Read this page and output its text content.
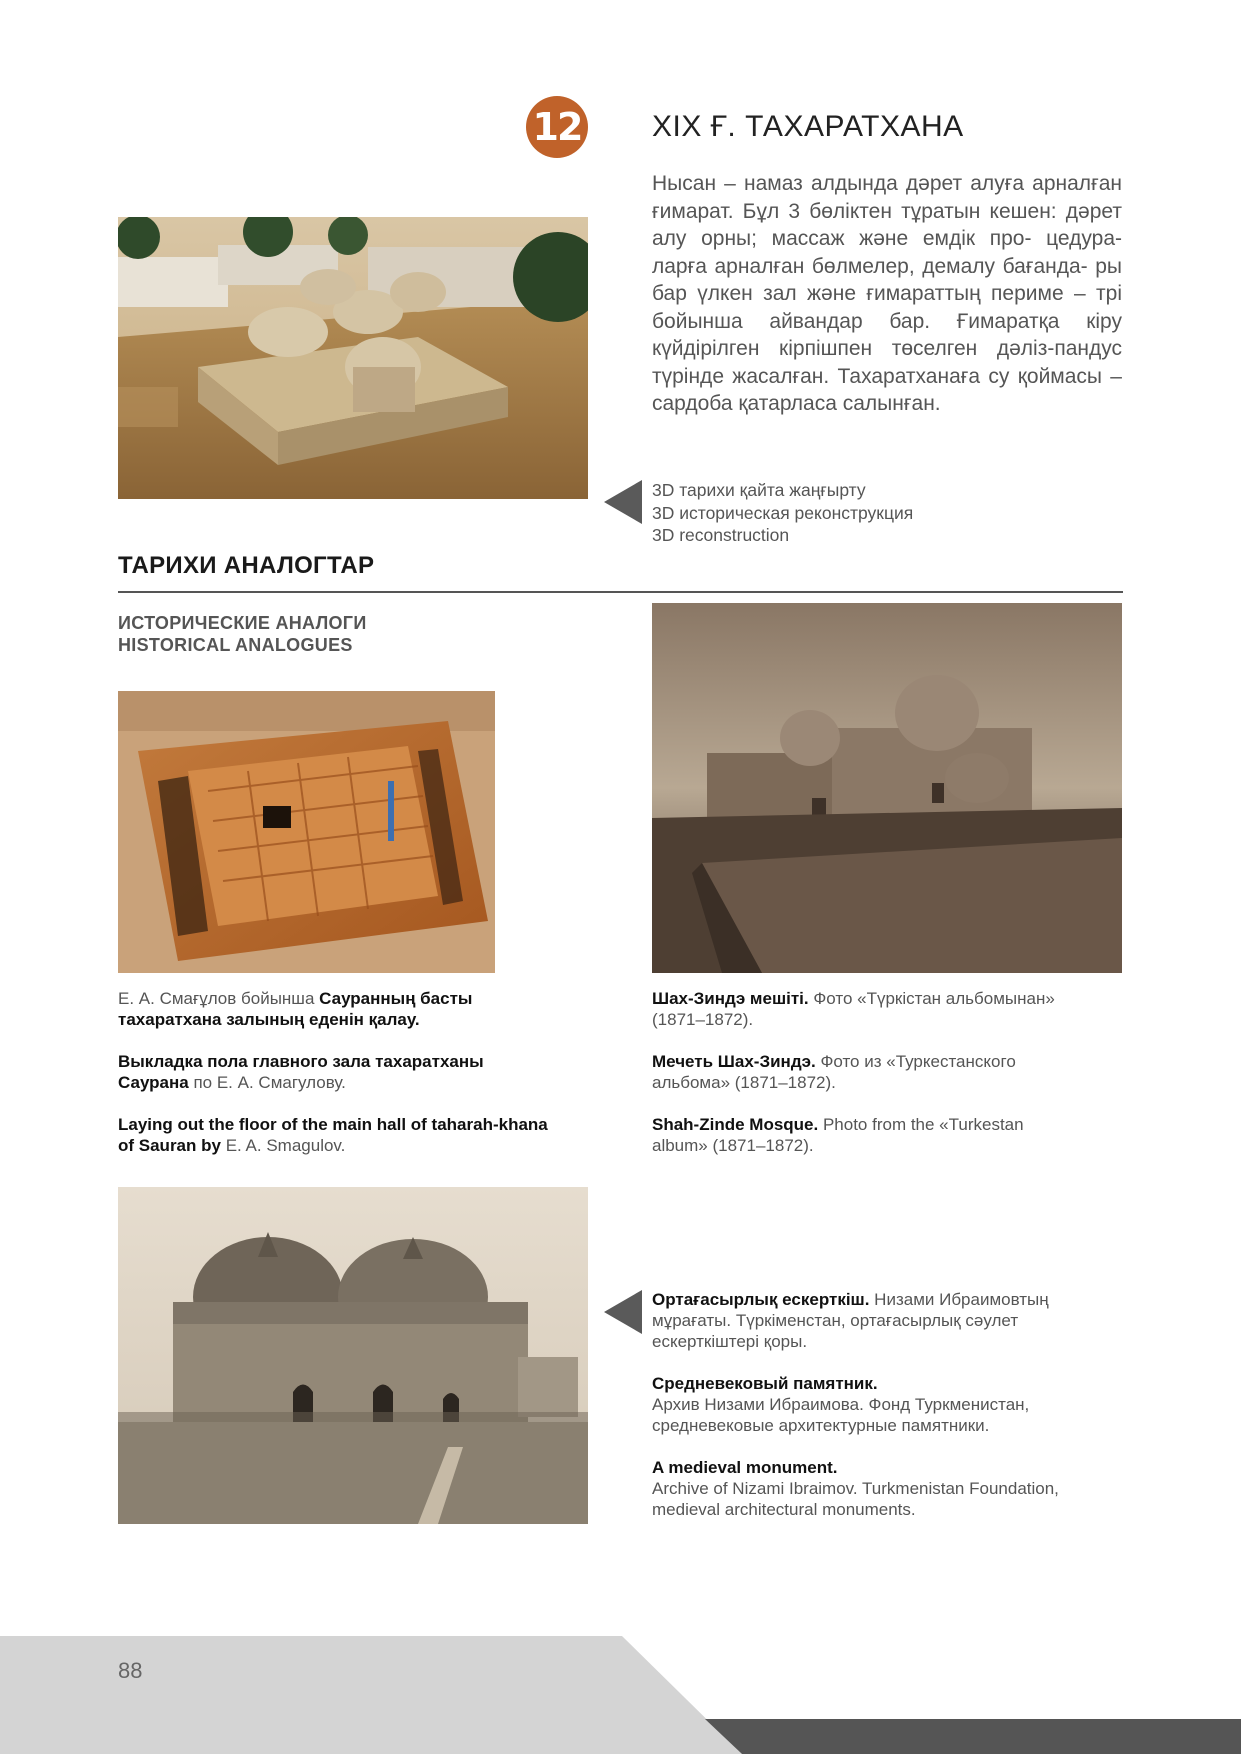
12 XIX Ғ. ТАХАРАТХАНА

Нысан – намаз алдында дәрет алуға арналған ғимарат. Бұл 3 бөліктен тұратын кешен: дәрет алу орны; массаж және емдік про- цедура- ларға арналған бөлмелер, демалу бағанда- ры бар үлкен зал және ғимараттың периме – трі бойынша айвандар бар. Ғимаратқа кіру күйдірілген кірпішпен төселген дәліз-пандус түрінде жасалған. Тахаратханаға су қоймасы – сардоба қатарласа салынған.

3D тарихи қайта жаңғырту
3D историческая реконструкция
3D reconstruction
ТАРИХИ АНАЛОГТАР
ИСТОРИЧЕСКИЕ АНАЛОГИ
HISTORICAL ANALOGUES

Е. А. Смағұлов бойынша Сауранның басты тахаратхана залының еденін қалау.

Выкладка пола главного зала тахаратханы Саурана по Е. А. Смагулову.

Laying out the floor of the main hall of taharah-khana of Sauran by E. A. Smagulov.

Шах-Зиндэ мешіті. Фото «Түркістан альбомынан» (1871–1872).

Мечеть Шах-Зиндэ. Фото из «Туркестанского альбома» (1871–1872).

Shah-Zinde Mosque. Photo from the «Turkestan album» (1871–1872).

Ортағасырлық ескерткіш. Низами Ибраимовтың мұрағаты. Түркіменстан, ортағасырлық сәулет ескерткіштері қоры.

Средневековый памятник.
Архив Низами Ибраимова. Фонд Туркменистан, средневековые архитектурные памятники.

A medieval monument.
Archive of Nizami Ibraimov. Turkmenistan Foundation, medieval architectural monuments.

88
